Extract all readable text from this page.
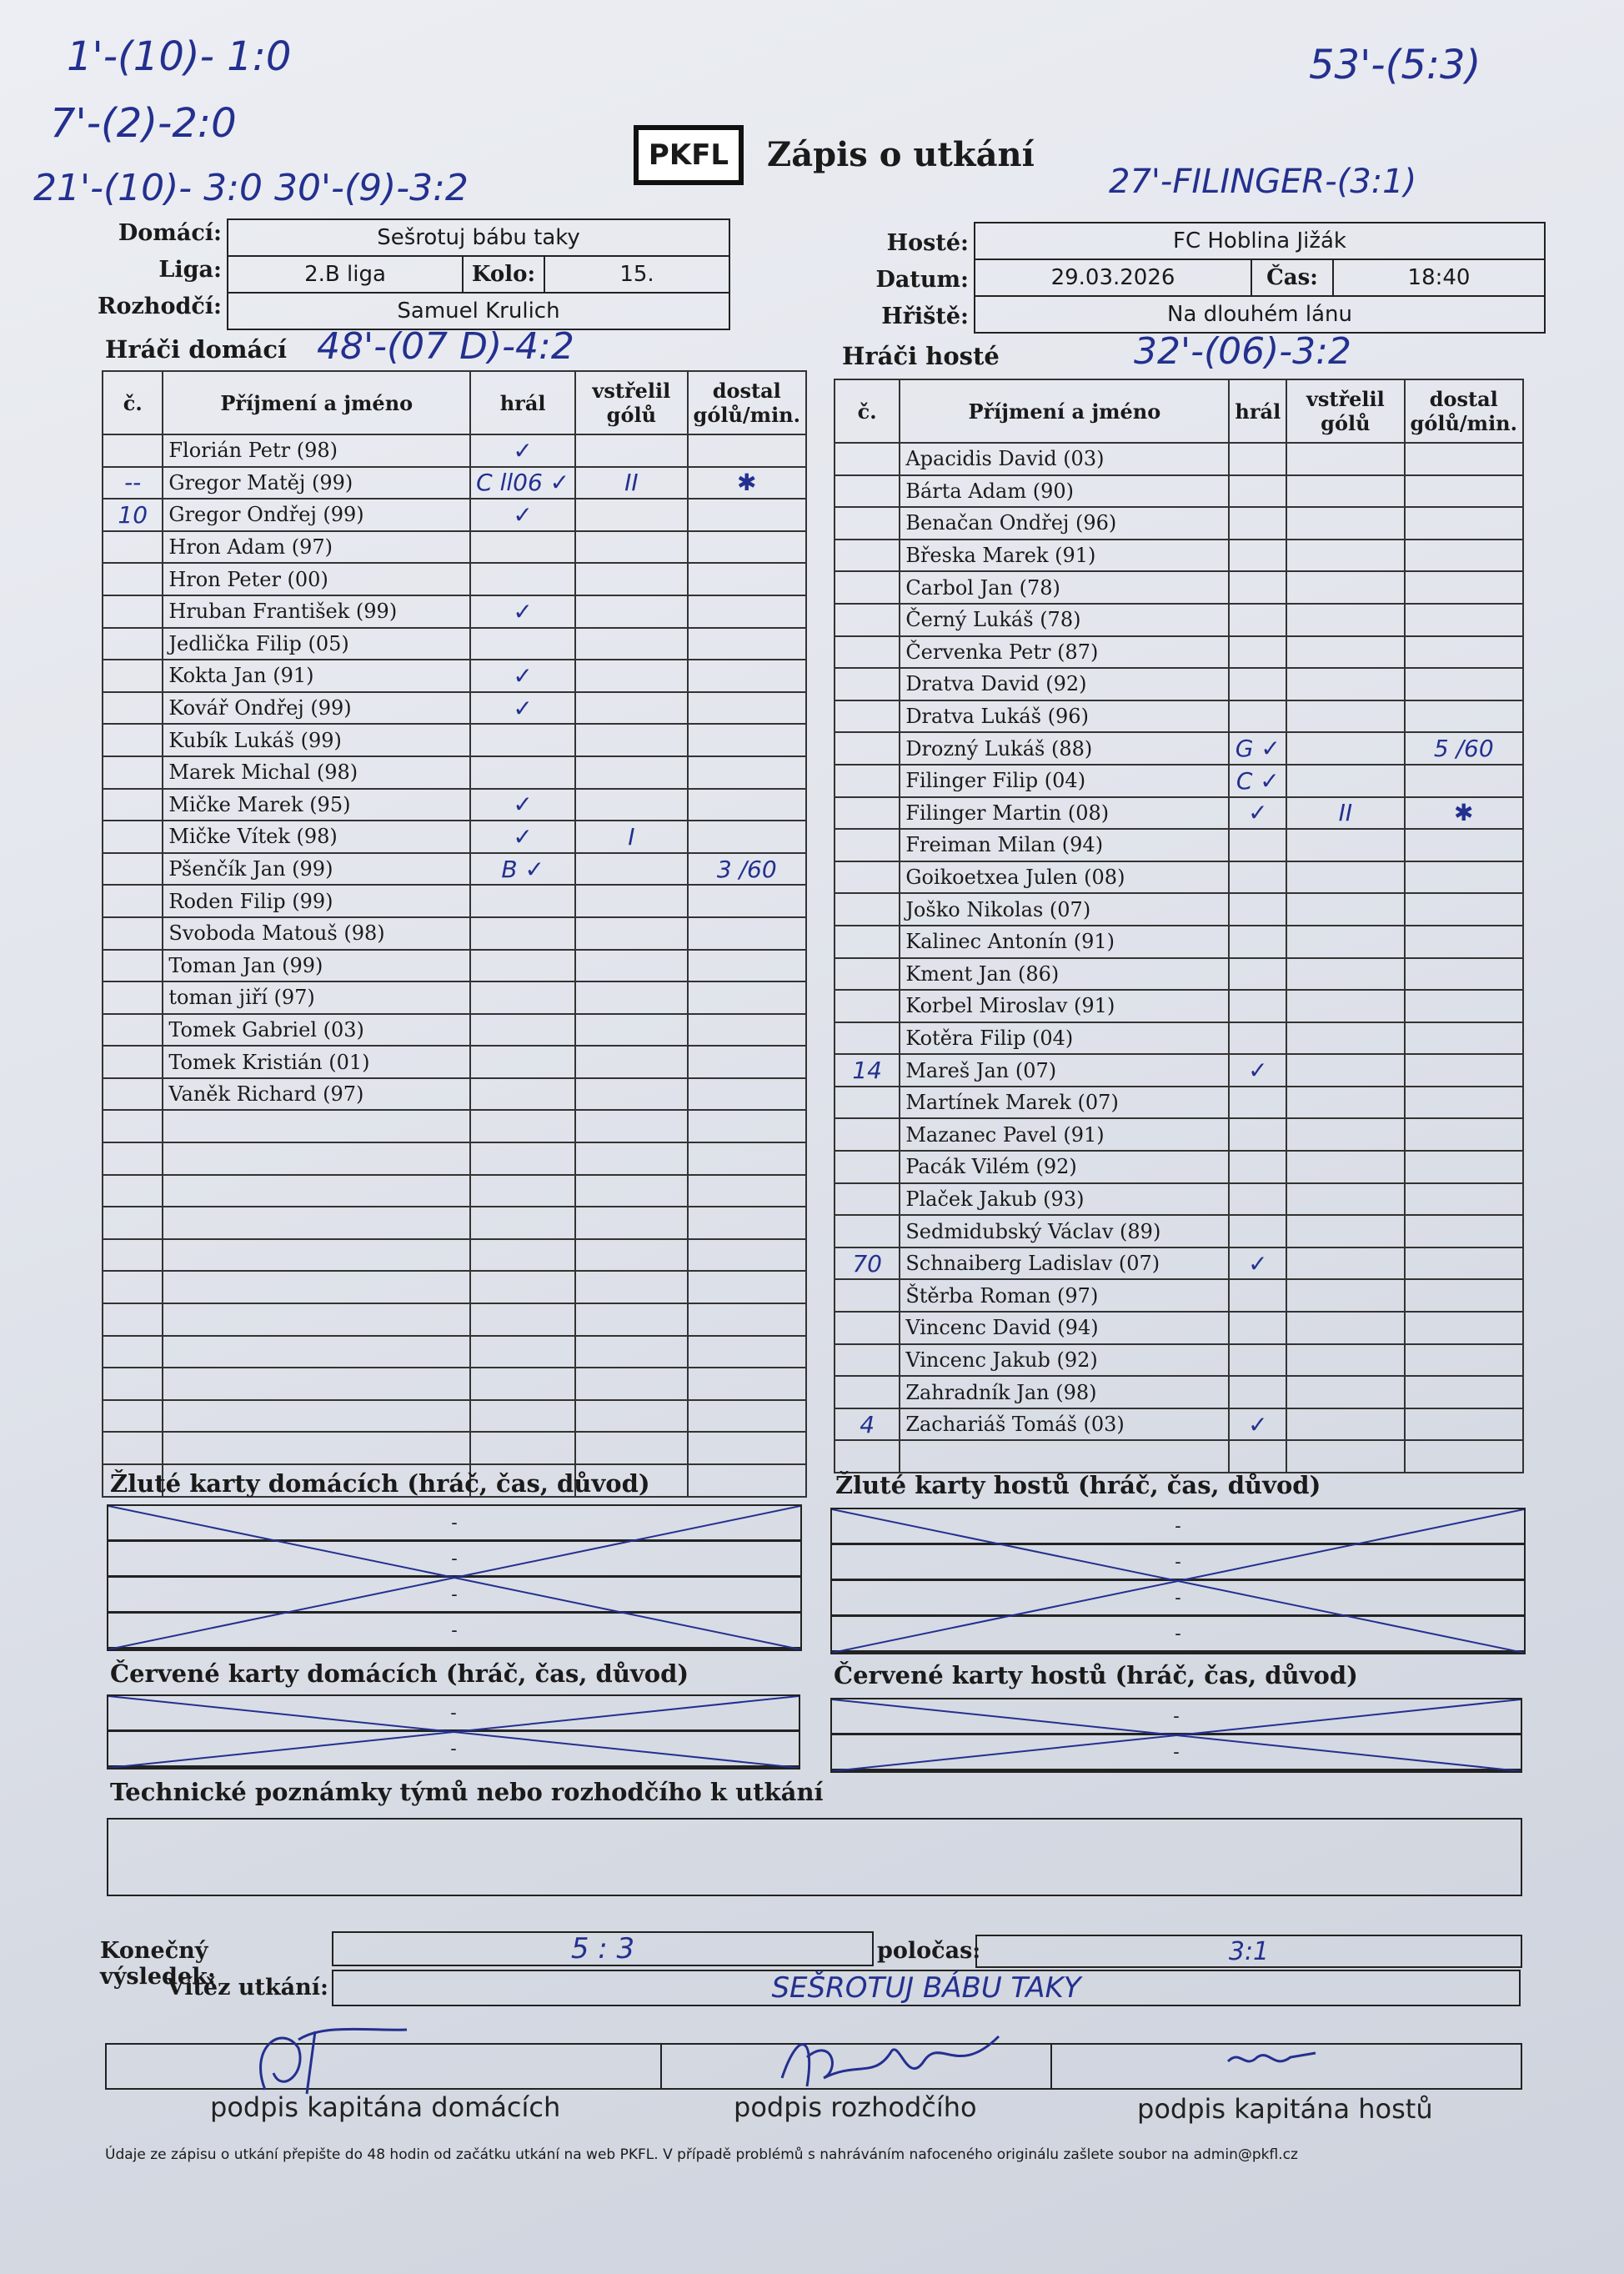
1'-(10)- 1:0
7'-(2)-2:0
21'-(10)- 3:0 30'-(9)-3:2
53'-(5:3)
27'-FILINGER-(3:1)
PKFL	Zápis o utkání
Domácí:	Sešrotuj bábu taky
Liga:	2.B liga	Kolo:	15.
Rozhodčí:	Samuel Krulich
Hosté:	FC Hoblina Jižák
Datum:	29.03.2026	Čas:	18:40
Hřiště:	Na dlouhém lánu
Hráči domácí 48'-(07 D)-4:2	Hráči hosté	32'-(06)-3:2
č.	Příjmení a jméno	hrál	vstřelil gólů	dostal gólů/min.
	Florián Petr (98)	✓		
--	Gregor Matěj (99)	C ll06 ✓	II	✱
10	Gregor Ondřej (99)	✓		
	Hron Adam (97)			
	Hron Peter (00)			
	Hruban František (99)	✓		
	Jedlička Filip (05)			
	Kokta Jan (91)	✓		
	Kovář Ondřej (99)	✓		
	Kubík Lukáš (99)			
	Marek Michal (98)			
	Mičke Marek (95)	✓		
	Mičke Vítek (98)	✓	I	
	Pšenčík Jan (99)	B ✓		3 /60
	Roden Filip (99)			
	Svoboda Matouš (98)			
	Toman Jan (99)			
	toman jiří (97)			
	Tomek Gabriel (03)			
	Tomek Kristián (01)			
	Vaněk Richard (97)			

č.	Příjmení a jméno	hrál	vstřelil gólů	dostal gólů/min.
	Apacidis David (03)			
	Bárta Adam (90)			
	Benačan Ondřej (96)			
	Břeska Marek (91)			
	Carbol Jan (78)			
	Černý Lukáš (78)			
	Červenka Petr (87)			
	Dratva David (92)			
	Dratva Lukáš (96)			
	Drozný Lukáš (88)	G ✓		5 /60
	Filinger Filip (04)	C ✓		
	Filinger Martin (08)	✓	II	✱
	Freiman Milan (94)			
	Goikoetxea Julen (08)			
	Joško Nikolas (07)			
	Kalinec Antonín (91)			
	Kment Jan (86)			
	Korbel Miroslav (91)			
	Kotěra Filip (04)			
14	Mareš Jan (07)	✓		
	Martínek Marek (07)			
	Mazanec Pavel (91)			
	Pacák Vilém (92)			
	Plaček Jakub (93)			
	Sedmidubský Václav (89)			
70	Schnaiberg Ladislav (07)	✓		
	Štěrba Roman (97)			
	Vincenc David (94)			
	Vincenc Jakub (92)			
	Zahradník Jan (98)			
4	Zachariáš Tomáš (03)	✓		

Žluté karty domácích (hráč, čas, důvod)
-
-
-
-
Žluté karty hostů (hráč, čas, důvod)
-
-
-
-
Červené karty domácích (hráč, čas, důvod)
-
-
Červené karty hostů (hráč, čas, důvod)
-
-
Technické poznámky týmů nebo rozhodčího k utkání
Konečný výsledek:
5 : 3	poločas:	3:1
Vítěz utkání:	SEŠROTUJ BÁBU TAKY
podpis kapitána domácích	podpis rozhodčího	podpis kapitána hostů
Údaje ze zápisu o utkání přepište do 48 hodin od začátku utkání na web PKFL. V případě problémů s nahráváním nafoceného originálu zašlete soubor na admin@pkfl.cz
